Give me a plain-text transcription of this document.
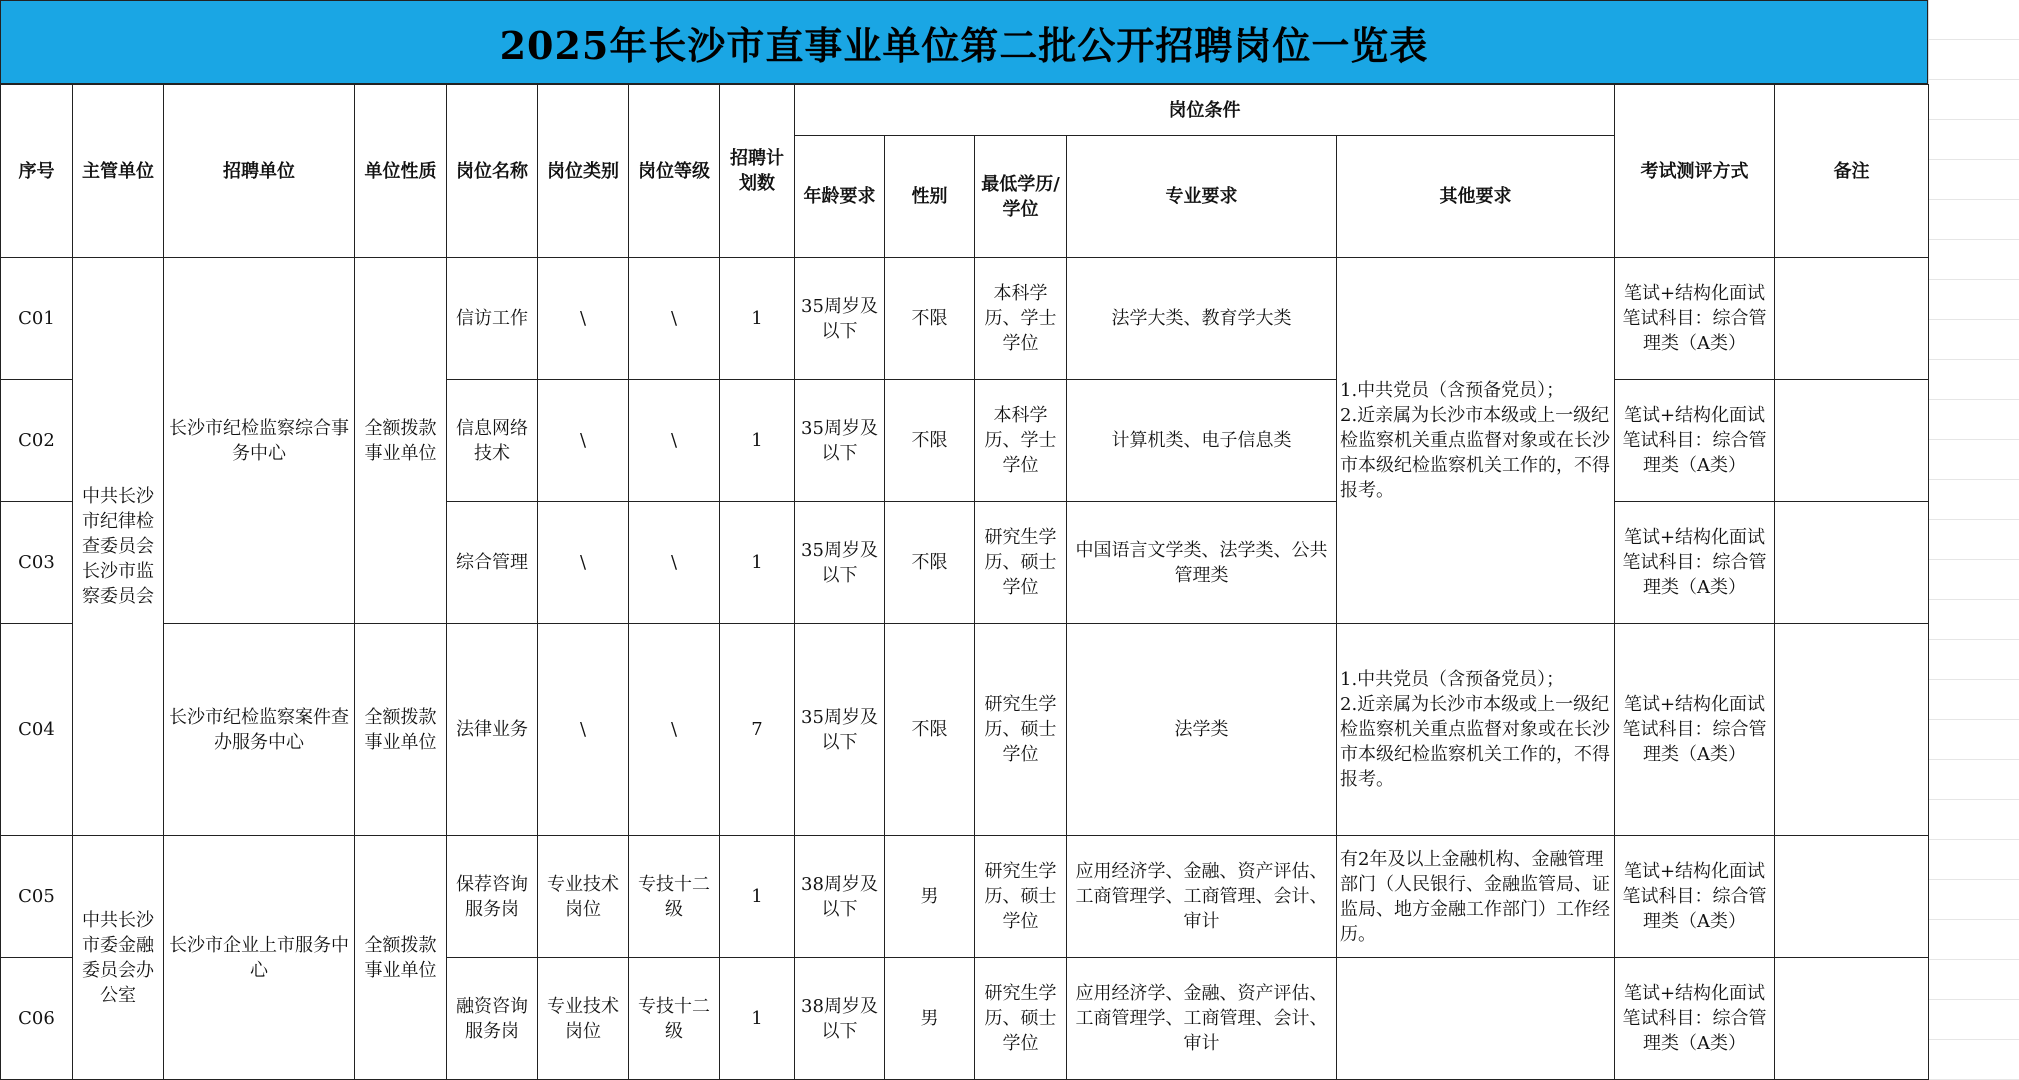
2025年长沙市直事业单位第二批公开招聘岗位一览表
序号	主管单位	招聘单位	单位性质	岗位名称	岗位类别	岗位等级	招聘计划数	岗位条件					考试测评方式	备注
								年龄要求	性别	最低学历/学位	专业要求	其他要求		
C01	中共长沙市纪律检查委员会长沙市监察委员会	长沙市纪检监察综合事务中心	全额拨款事业单位	信访工作	\	\	1	35周岁及以下	不限	本科学历、学士学位	法学大类、教育学大类	1.中共党员（含预备党员）；
2.近亲属为长沙市本级或上一级纪检监察机关重点监督对象或在长沙市本级纪检监察机关工作的，不得报考。	笔试+结构化面试
笔试科目：综合管理类（A类）	
C02				信息网络技术	\	\	1	35周岁及以下	不限	本科学历、学士学位	计算机类、电子信息类		笔试+结构化面试
笔试科目：综合管理类（A类）	
C03				综合管理	\	\	1	35周岁及以下	不限	研究生学历、硕士学位	中国语言文学类、法学类、公共管理类		笔试+结构化面试
笔试科目：综合管理类（A类）	
C04		长沙市纪检监察案件查办服务中心	全额拨款事业单位	法律业务	\	\	7	35周岁及以下	不限	研究生学历、硕士学位	法学类	1.中共党员（含预备党员）；
2.近亲属为长沙市本级或上一级纪检监察机关重点监督对象或在长沙市本级纪检监察机关工作的，不得报考。	笔试+结构化面试
笔试科目：综合管理类（A类）	
C05	中共长沙市委金融委员会办公室	长沙市企业上市服务中心	全额拨款事业单位	保荐咨询服务岗	专业技术岗位	专技十二级	1	38周岁及以下	男	研究生学历、硕士学位	应用经济学、金融、资产评估、工商管理学、工商管理、会计、审计	有2年及以上金融机构、金融管理部门（人民银行、金融监管局、证监局、地方金融工作部门）工作经历。	笔试+结构化面试
笔试科目：综合管理类（A类）	
C06				融资咨询服务岗	专业技术岗位	专技十二级	1	38周岁及以下	男	研究生学历、硕士学位	应用经济学、金融、资产评估、工商管理学、工商管理、会计、审计		笔试+结构化面试
笔试科目：综合管理类（A类）	
